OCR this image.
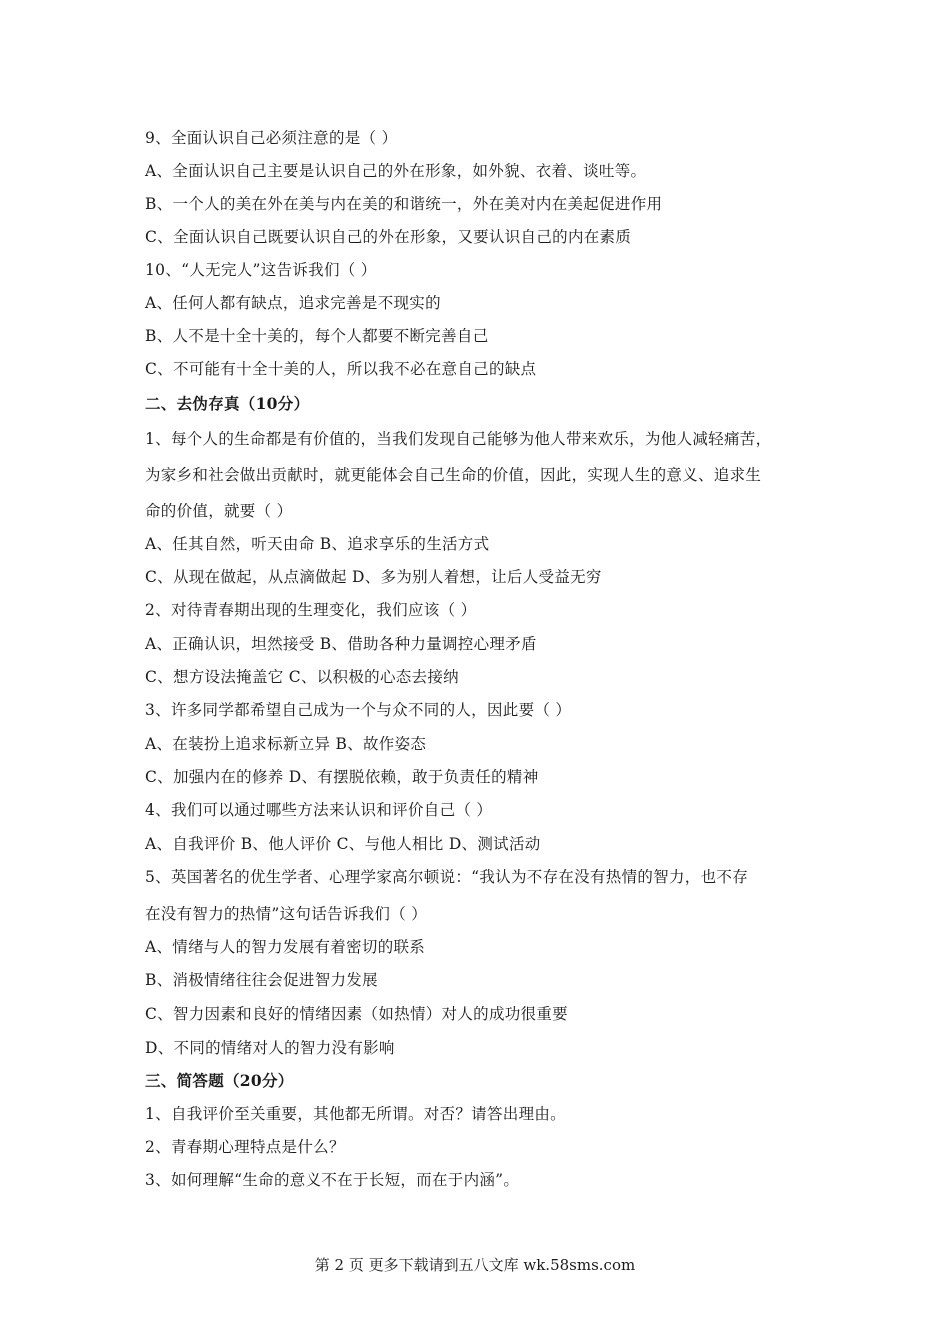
9、全面认识自己必须注意的是（ ）
A、全面认识自己主要是认识自己的外在形象，如外貌、衣着、谈吐等。
B、一个人的美在外在美与内在美的和谐统一，外在美对内在美起促进作用
C、全面认识自己既要认识自己的外在形象，又要认识自己的内在素质
10、“人无完人”这告诉我们（ ）
A、任何人都有缺点，追求完善是不现实的
B、人不是十全十美的，每个人都要不断完善自己
C、不可能有十全十美的人，所以我不必在意自己的缺点
二、去伪存真（10分）
1、每个人的生命都是有价值的，当我们发现自己能够为他人带来欢乐，为他人减轻痛苦，
为家乡和社会做出贡献时，就更能体会自己生命的价值，因此，实现人生的意义、追求生
命的价值，就要（ ）
A、任其自然，听天由命 B、追求享乐的生活方式
C、从现在做起，从点滴做起 D、多为别人着想，让后人受益无穷
2、对待青春期出现的生理变化，我们应该（ ）
A、正确认识，坦然接受 B、借助各种力量调控心理矛盾
C、想方设法掩盖它 C、以积极的心态去接纳
3、许多同学都希望自己成为一个与众不同的人，因此要（ ）
A、在装扮上追求标新立异 B、故作姿态
C、加强内在的修养 D、有摆脱依赖，敢于负责任的精神
4、我们可以通过哪些方法来认识和评价自己（ ）
A、自我评价 B、他人评价 C、与他人相比 D、测试活动
5、英国著名的优生学者、心理学家高尔顿说：“我认为不存在没有热情的智力，也不存
在没有智力的热情”这句话告诉我们（ ）
A、情绪与人的智力发展有着密切的联系
B、消极情绪往往会促进智力发展
C、智力因素和良好的情绪因素（如热情）对人的成功很重要
D、不同的情绪对人的智力没有影响
三、简答题（20分）
1、自我评价至关重要，其他都无所谓。对否？请答出理由。
2、青春期心理特点是什么？
3、如何理解“生命的意义不在于长短，而在于内涵”。
第 2 页 更多下载请到五八文库 wk.58sms.com
